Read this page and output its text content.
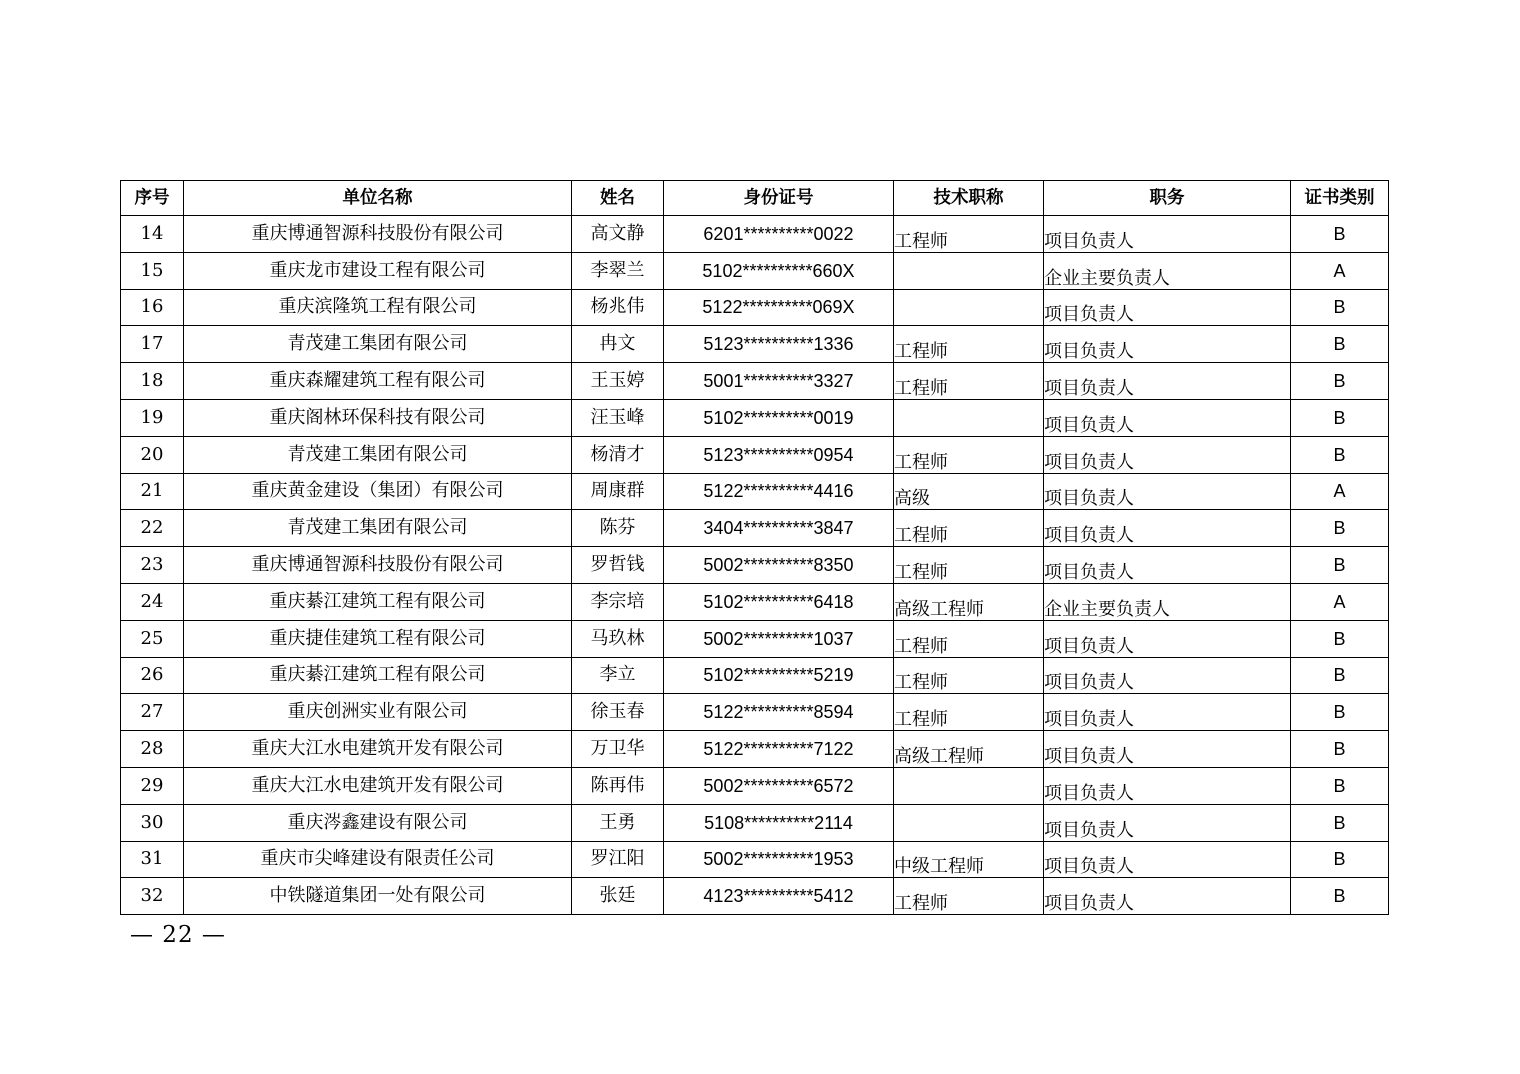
序号	单位名称	姓名	身份证号	技术职称	职务	证书类别
14	重庆博通智源科技股份有限公司	高文静	6201**********0022	工程师	项目负责人	B
15	重庆龙市建设工程有限公司	李翠兰	5102**********660X		企业主要负责人	A
16	重庆滨隆筑工程有限公司	杨兆伟	5122**********069X		项目负责人	B
17	青茂建工集团有限公司	冉文	5123**********1336	工程师	项目负责人	B
18	重庆森耀建筑工程有限公司	王玉婷	5001**********3327	工程师	项目负责人	B
19	重庆阁林环保科技有限公司	汪玉峰	5102**********0019		项目负责人	B
20	青茂建工集团有限公司	杨清才	5123**********0954	工程师	项目负责人	B
21	重庆黄金建设（集团）有限公司	周康群	5122**********4416	高级	项目负责人	A
22	青茂建工集团有限公司	陈芬	3404**********3847	工程师	项目负责人	B
23	重庆博通智源科技股份有限公司	罗哲钱	5002**********8350	工程师	项目负责人	B
24	重庆綦江建筑工程有限公司	李宗培	5102**********6418	高级工程师	企业主要负责人	A
25	重庆捷佳建筑工程有限公司	马玖林	5002**********1037	工程师	项目负责人	B
26	重庆綦江建筑工程有限公司	李立	5102**********5219	工程师	项目负责人	B
27	重庆创洲实业有限公司	徐玉春	5122**********8594	工程师	项目负责人	B
28	重庆大江水电建筑开发有限公司	万卫华	5122**********7122	高级工程师	项目负责人	B
29	重庆大江水电建筑开发有限公司	陈再伟	5002**********6572		项目负责人	B
30	重庆涔鑫建设有限公司	王勇	5108**********2114		项目负责人	B
31	重庆市尖峰建设有限责任公司	罗江阳	5002**********1953	中级工程师	项目负责人	B
32	中铁隧道集团一处有限公司	张廷	4123**********5412	工程师	项目负责人	B
— 22 —
